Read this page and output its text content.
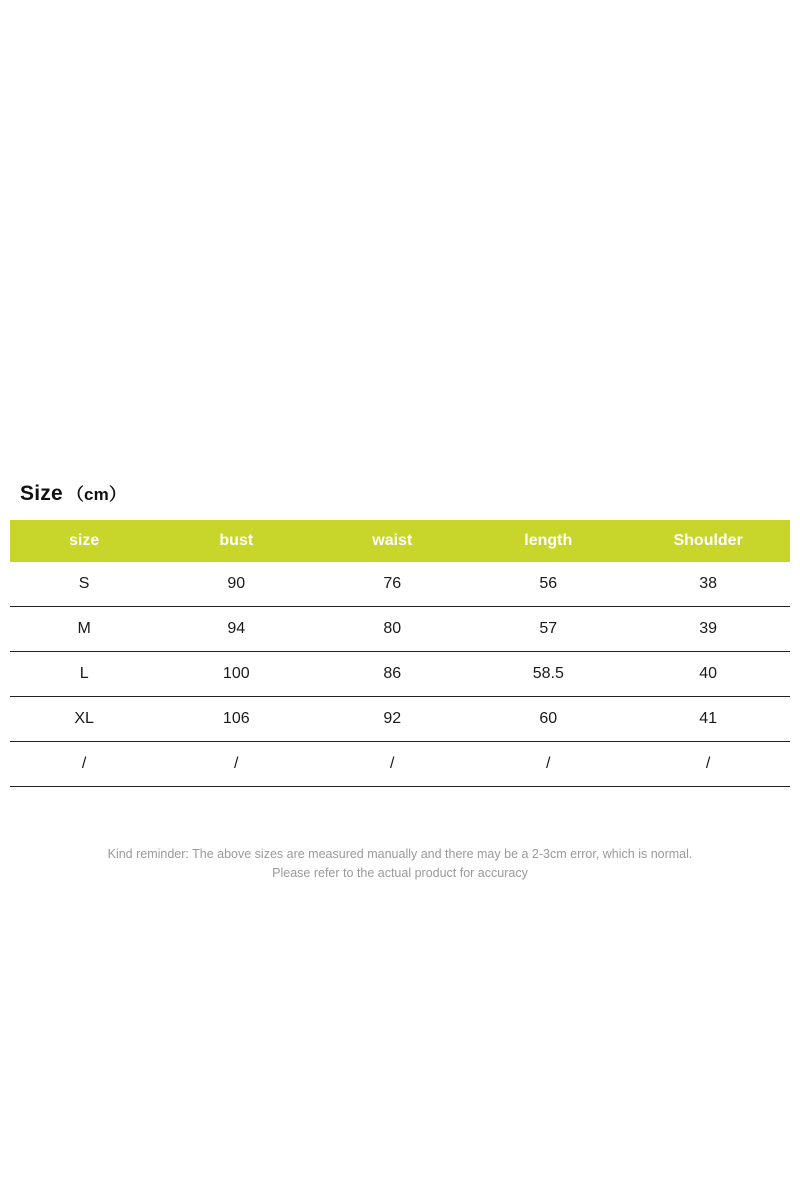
Size （cm）
size	bust	waist	length	Shoulder
S	90	76	56	38
M	94	80	57	39
L	100	86	58.5	40
XL	106	92	60	41
/	/	/	/	/
Kind reminder: The above sizes are measured manually and there may be a 2-3cm error, which is normal.
Please refer to the actual product for accuracy
